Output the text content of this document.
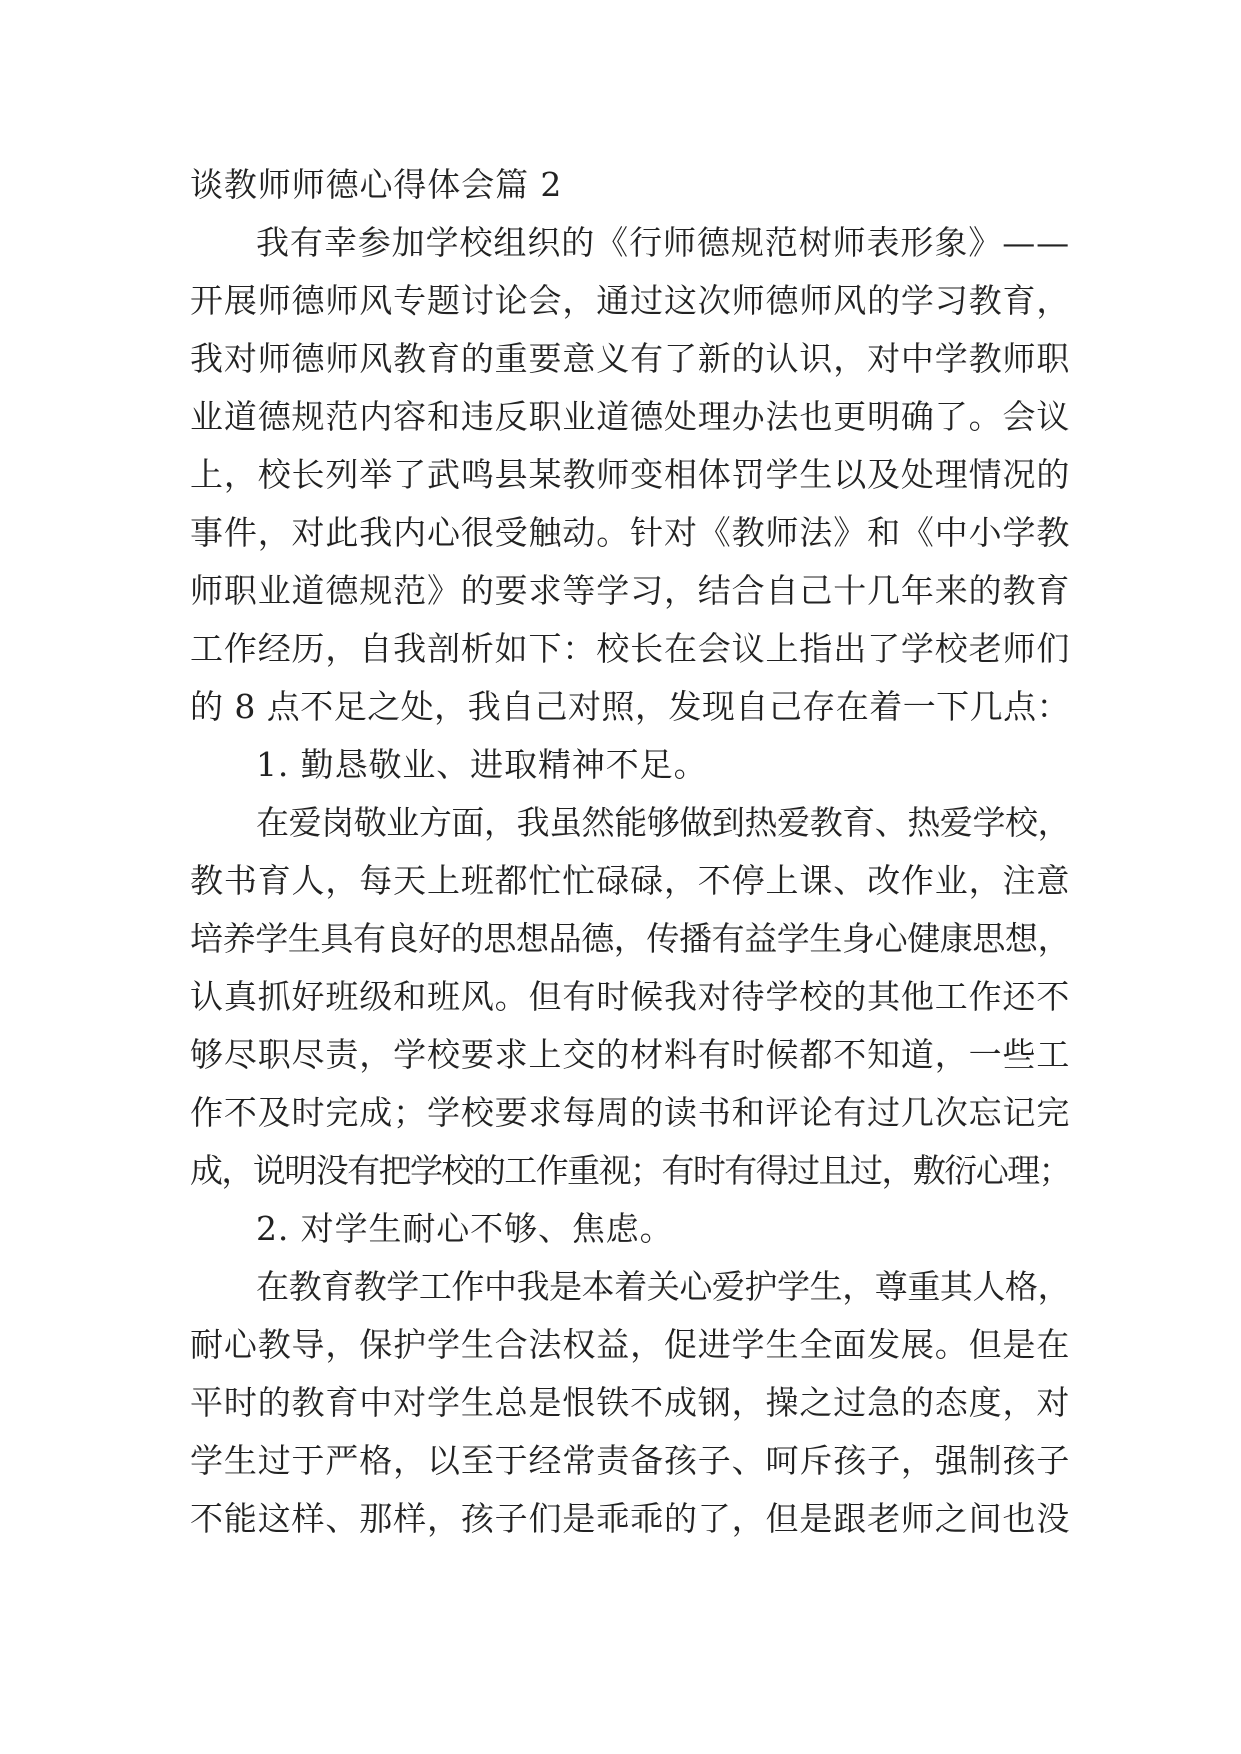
谈教师师德心得体会篇 2
我有幸参加学校组织的《行师德规范树师表形象》——
开展师德师风专题讨论会，通过这次师德师风的学习教育，
我对师德师风教育的重要意义有了新的认识，对中学教师职
业道德规范内容和违反职业道德处理办法也更明确了。会议
上，校长列举了武鸣县某教师变相体罚学生以及处理情况的
事件，对此我内心很受触动。针对《教师法》和《中小学教
师职业道德规范》的要求等学习，结合自己十几年来的教育
工作经历，自我剖析如下：校长在会议上指出了学校老师们
的 8 点不足之处，我自己对照，发现自己存在着一下几点：
1. 勤恳敬业、进取精神不足。
在爱岗敬业方面，我虽然能够做到热爱教育、热爱学校，
教书育人，每天上班都忙忙碌碌，不停上课、改作业，注意
培养学生具有良好的思想品德，传播有益学生身心健康思想，
认真抓好班级和班风。但有时候我对待学校的其他工作还不
够尽职尽责，学校要求上交的材料有时候都不知道，一些工
作不及时完成；学校要求每周的读书和评论有过几次忘记完
成，说明没有把学校的工作重视；有时有得过且过，敷衍心理；
2. 对学生耐心不够、焦虑。
在教育教学工作中我是本着关心爱护学生，尊重其人格，
耐心教导，保护学生合法权益，促进学生全面发展。但是在
平时的教育中对学生总是恨铁不成钢，操之过急的态度，对
学生过于严格，以至于经常责备孩子、呵斥孩子，强制孩子
不能这样、那样，孩子们是乖乖的了，但是跟老师之间也没
